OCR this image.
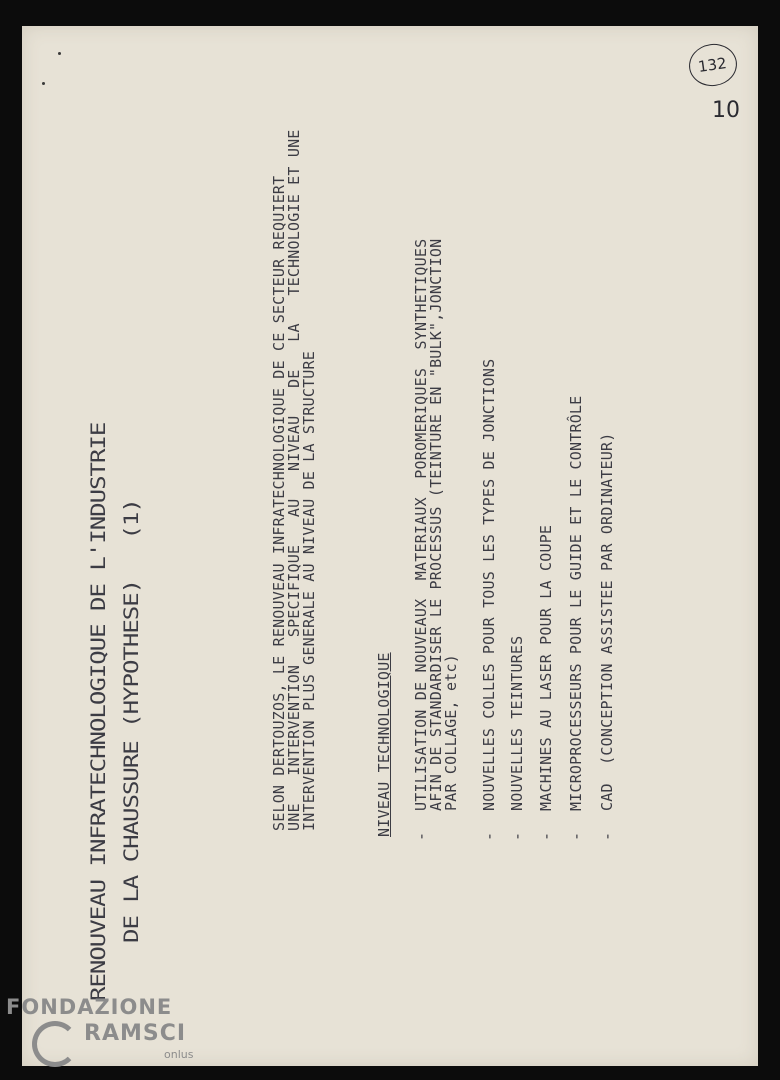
RENOUVEAU INFRATECHNOLOGIQUE DE L'INDUSTRIE DE LA CHAUSSURE (HYPOTHESE)   (1)	SELON DERTOUZOS, LE RENOUVEAU INFRATECHNOLOGIQUE DE CE SECTEUR REQUIERT
UNE   INTERVENTION   SPECIFIQUE   AU   NIVEAU   DE   LA   TECHNOLOGIE ET UNE
INTERVENTION PLUS GENERALE AU NIVEAU DE LA STRUCTURE	NIVEAU TECHNOLOGIQUE -
UTILISATION DE NOUVEAUX  MATERIAUX  POROMERIQUES  SYNTHETIQUES
AFIN DE STANDARDISER LE PROCESSUS (TEINTURE EN "BULK",JONCTION
PAR COLLAGE, etc)
-
NOUVELLES COLLES POUR TOUS LES TYPES DE JONCTIONS
-
NOUVELLES TEINTURES
-
MACHINES AU LASER POUR LA COUPE
-
MICROPROCESSEURS POUR LE GUIDE ET LE CONTRÔLE
-
CAD  (CONCEPTION ASSISTEE PAR ORDINATEUR)
132
10
FONDAZIONE
RAMSCI
onlus
